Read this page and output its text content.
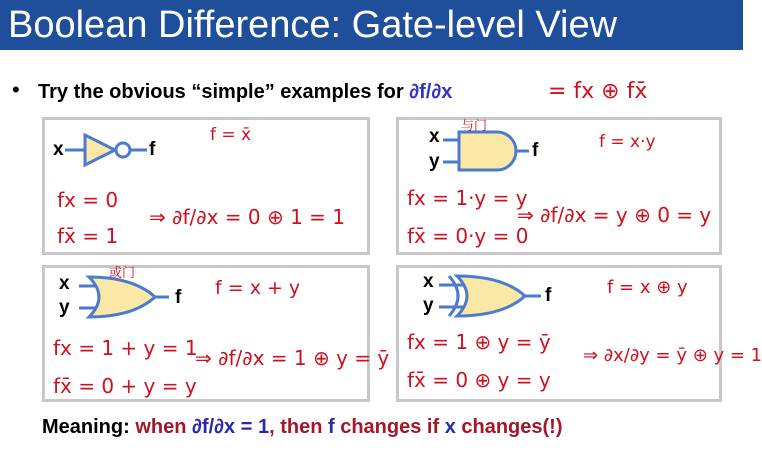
Boolean Difference: Gate-level View
• Try the obvious “simple” examples for ∂f/∂x	= fx ⊕ fx̄
x	f
f = x̄
fx = 0
fx̄ = 1
⇒ ∂f/∂x = 0 ⊕ 1 = 1
x
y
f
与门
f = x·y
fx = 1·y = y
fx̄ = 0·y = 0
⇒ ∂f/∂x = y ⊕ 0 = y
x
y	f
或门
f = x + y
fx = 1 + y = 1
fx̄ = 0 + y = y
⇒ ∂f/∂x = 1 ⊕ y = ȳ
x
y	f	f = x ⊕ y
fx = 1 ⊕ y = ȳ
fx̄ = 0 ⊕ y = y
⇒ ∂x/∂y = ȳ ⊕ y = 1
Meaning: when ∂f/∂x = 1, then f changes if x changes(!)
